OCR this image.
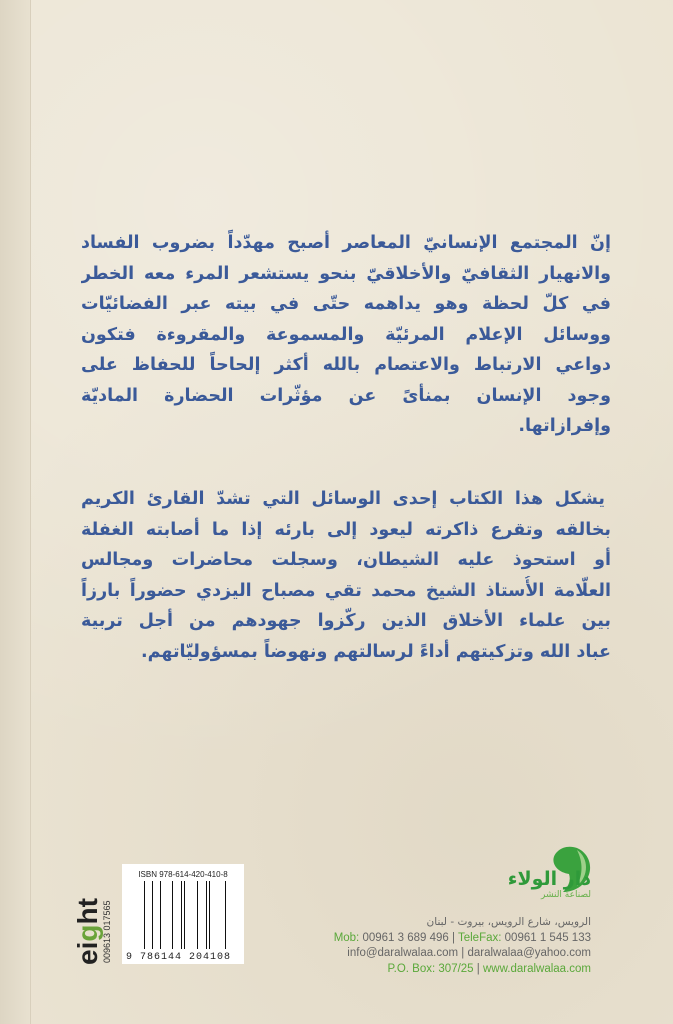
إنّ المجتمع الإنسانيّ المعاصر أصبح مهدّداً بضروب الفساد
والانهيار الثقافيّ والأخلاقيّ بنحو يستشعر المرء معه الخطر
في كلّ لحظة وهو يداهمه حتّى في بيته عبر الفضائيّات
ووسائل الإعلام المرئيّة والمسموعة والمقروءة فتكون
دواعي الارتباط والاعتصام بالله أكثر إلحاحاً للحفاظ على
وجود الإنسان بمنأىً عن مؤثّرات الحضارة الماديّة
وإفرازاتها.
يشكل هذا الكتاب إحدى الوسائل التي تشدّ القارئ الكريم
بخالقه وتقرع ذاكرته ليعود إلى بارئه إذا ما أصابته الغفلة
أو استحوذ عليه الشيطان، وسجلت محاضرات ومجالس
العلّامة الأُستاذ الشيخ محمد تقي مصباح اليزدي حضوراً بارزاً
بين علماء الأخلاق الذين ركّزوا جهودهم من أجل تربية
عباد الله وتزكيتهم أداءً لرسالتهم ونهوضاً بمسؤوليّاتهم.
eight 009613 017565
ISBN 978-614-420-410-8
9 786144 204108
دار الولاء
لصناعة النشر
الرويس، شارع الرويس، بيروت - لبنان
Mob: 00961 3 689 496 | TeleFax: 00961 1 545 133
info@daralwalaa.com | daralwalaa@yahoo.com
P.O. Box: 307/25 | www.daralwalaa.com
